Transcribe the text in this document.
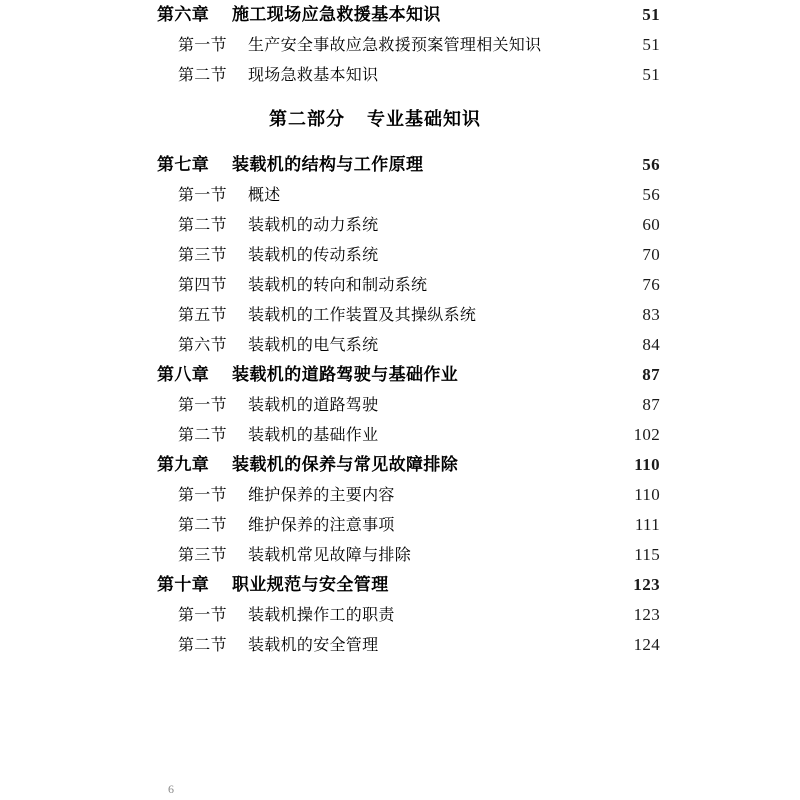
第六章	施工现场应急救援基本知识 ·····	51
第一节	生产安全事故应急救援预案管理相关知识 ·····	51
第二节	现场急救基本知识 ·····	51
第二部分 专业基础知识
第七章	装载机的结构与工作原理 ·····	56
第一节	概述 ·····	56
第二节	装载机的动力系统 ·····	60
第三节	装载机的传动系统 ·····	70
第四节	装载机的转向和制动系统 ·····	76
第五节	装载机的工作装置及其操纵系统 ·····	83
第六节	装载机的电气系统 ·····	84
第八章	装载机的道路驾驶与基础作业 ·····	87
第一节	装载机的道路驾驶 ·····	87
第二节	装载机的基础作业 ·····	102
第九章	装载机的保养与常见故障排除 ·····	110
第一节	维护保养的主要内容 ·····	110
第二节	维护保养的注意事项 ·····	111
第三节	装载机常见故障与排除 ·····	115
第十章	职业规范与安全管理 ·····	123
第一节	装载机操作工的职责 ·····	123
第二节	装载机的安全管理 ·····	124
6
